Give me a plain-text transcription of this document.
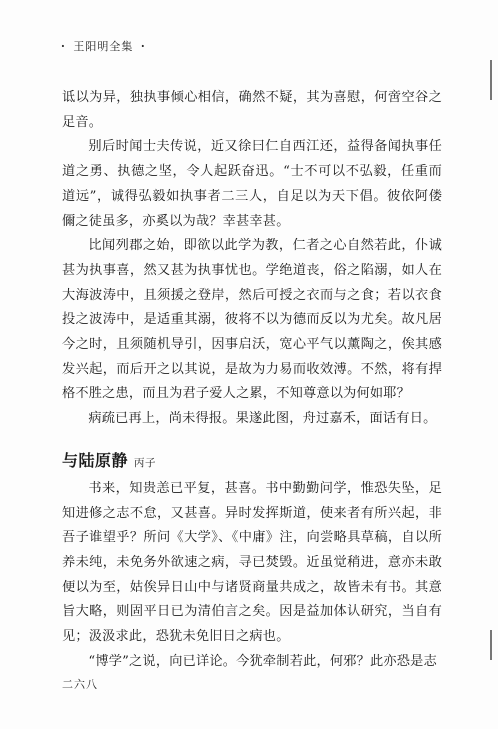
· 王阳明全集 ·

诋以为异，独执事倾心相信，确然不疑，其为喜慰，何啻空谷之足音。

别后时闻士夫传说，近又徐曰仁自西江还，益得备闻执事任道之勇、执德之坚，令人起跃奋迅。“士不可以不弘毅，任重而道远”，诚得弘毅如执事者二三人，自足以为天下倡。彼依阿偻儞之徒虽多，亦奚以为哉？幸甚幸甚。

比闻列郡之始，即欲以此学为教，仁者之心自然若此，仆诚甚为执事喜，然又甚为执事忧也。学绝道丧，俗之陷溺，如人在大海波涛中，且须援之登岸，然后可授之衣而与之食；若以衣食投之波涛中，是适重其溺，彼将不以为德而反以为尤矣。故凡居今之时，且须随机导引，因事启沃，宽心平气以薰陶之，俟其感发兴起，而后开之以其说，是故为力易而收效溥。不然，将有捍格不胜之患，而且为君子爱人之累，不知尊意以为何如耶？

病疏已再上，尚未得报。果遂此图，舟过嘉禾，面话有日。

与陆原静 丙子

书来，知贵恙已平复，甚喜。书中勤勤问学，惟恐失坠，足知进修之志不怠，又甚喜。异时发挥斯道，使来者有所兴起，非吾子谁望乎？所问《大学》、《中庸》注，向尝略具草稿，自以所养未纯，未免务外欲速之病，寻已焚毁。近虽觉稍进，意亦未敢便以为至，姑俟异日山中与诸贤商量共成之，故皆未有书。其意旨大略，则固平日已为清伯言之矣。因是益加体认研究，当自有见；汲汲求此，恐犹未免旧日之病也。

“博学”之说，向已详论。今犹牵制若此，何邪？此亦恐是志

二六八
